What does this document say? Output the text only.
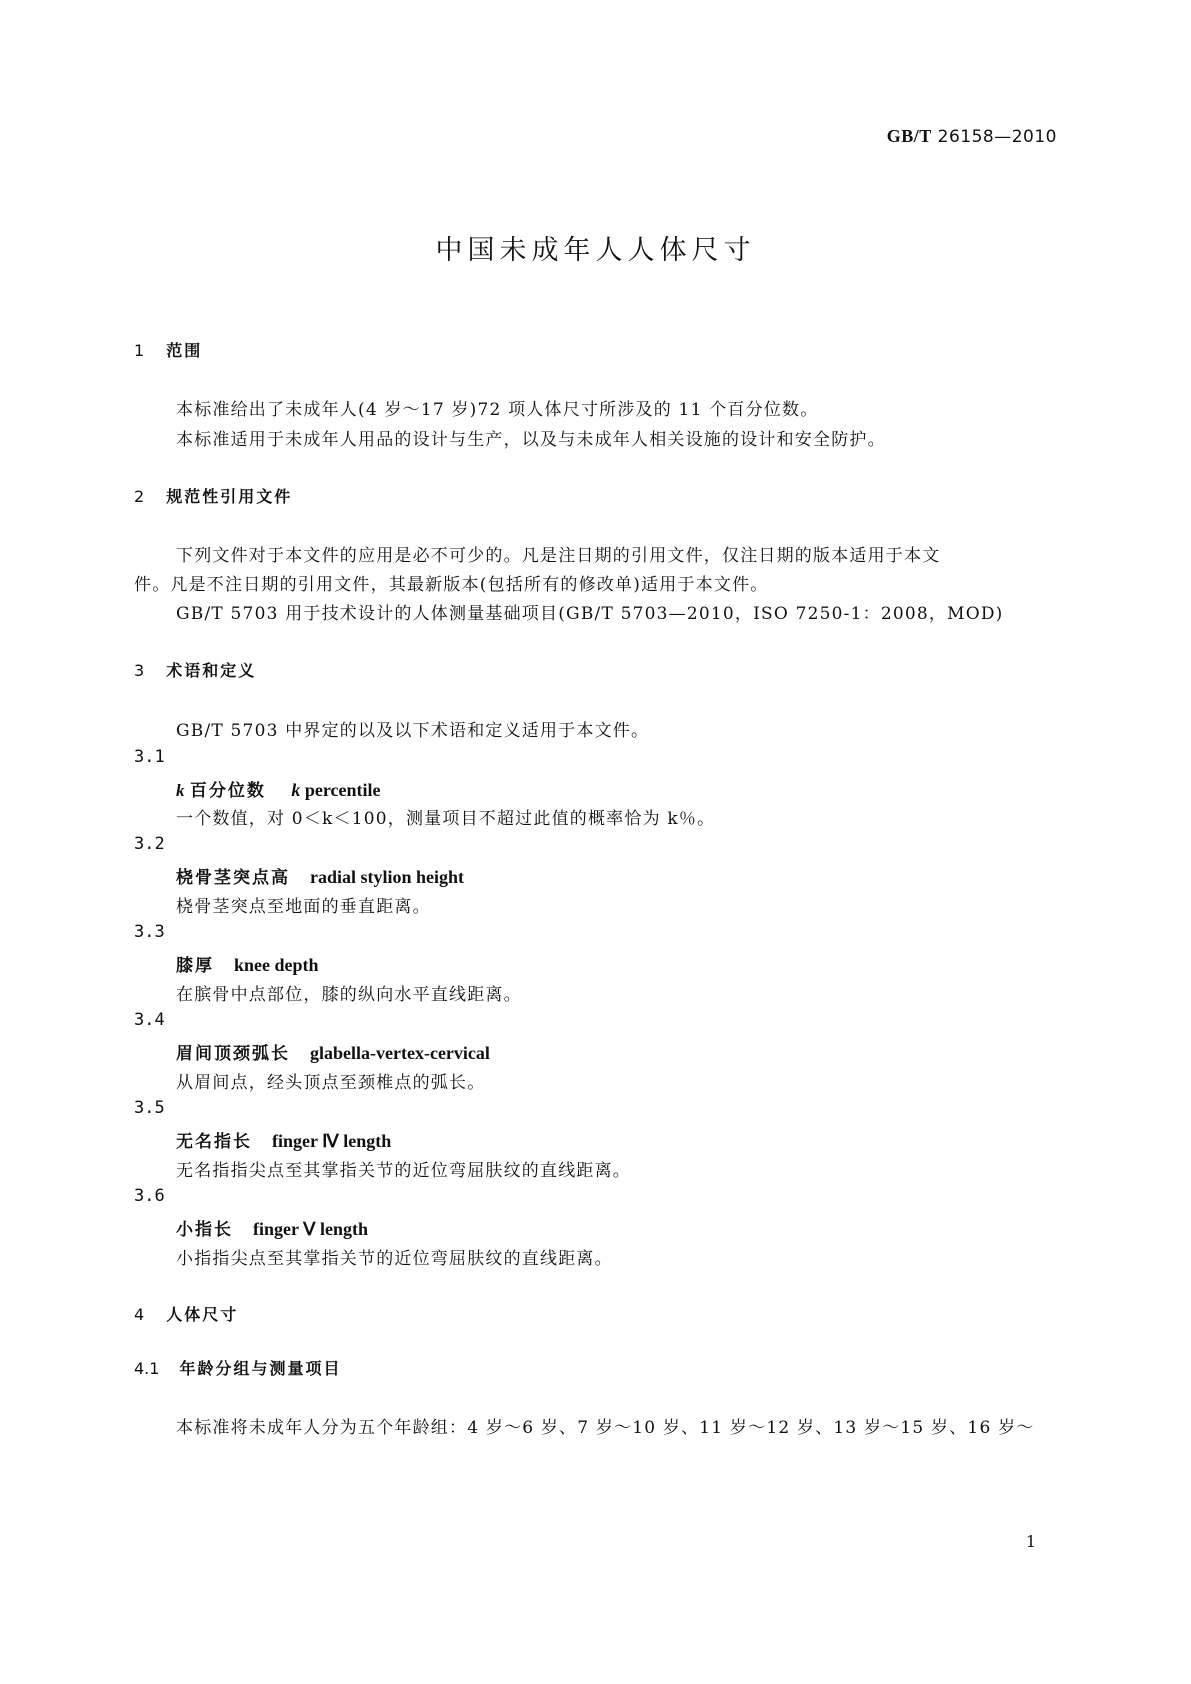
GB/T 26158—2010
中国未成年人人体尺寸
1 范围
本标准给出了未成年人(4 岁～17 岁)72 项人体尺寸所涉及的 11 个百分位数。
本标准适用于未成年人用品的设计与生产，以及与未成年人相关设施的设计和安全防护。
2 规范性引用文件
下列文件对于本文件的应用是必不可少的。凡是注日期的引用文件，仅注日期的版本适用于本文
件。凡是不注日期的引用文件，其最新版本(包括所有的修改单)适用于本文件。
GB/T 5703 用于技术设计的人体测量基础项目(GB/T 5703—2010，ISO 7250-1：2008，MOD)
3 术语和定义
GB/T 5703 中界定的以及以下术语和定义适用于本文件。
3.1
k 百分位数 k percentile
一个数值，对 0＜k＜100，测量项目不超过此值的概率恰为 k％。
3.2
桡骨茎突点高 radial stylion height
桡骨茎突点至地面的垂直距离。
3.3
膝厚 knee depth
在膑骨中点部位，膝的纵向水平直线距离。
3.4
眉间顶颈弧长 glabella-vertex-cervical
从眉间点，经头顶点至颈椎点的弧长。
3.5
无名指长 finger Ⅳ length
无名指指尖点至其掌指关节的近位弯屈肤纹的直线距离。
3.6
小指长 finger Ⅴ length
小指指尖点至其掌指关节的近位弯屈肤纹的直线距离。
4 人体尺寸
4.1 年龄分组与测量项目
本标准将未成年人分为五个年龄组：4 岁～6 岁、7 岁～10 岁、11 岁～12 岁、13 岁～15 岁、16 岁～
1
